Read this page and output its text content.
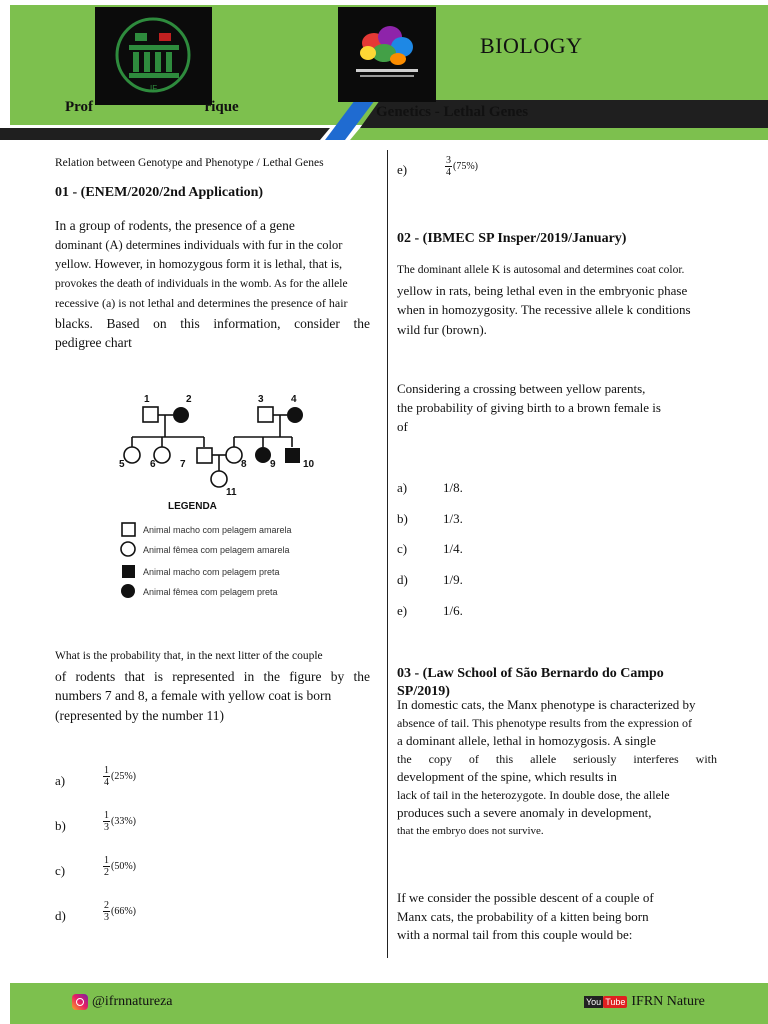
IF
BIOLOGY
Prof	rique	Genetics - Lethal Genes
Relation between Genotype and Phenotype / Lethal Genes
01 - (ENEM/2020/2nd Application)
In a group of rodents, the presence of a gene
dominant (A) determines individuals with fur in the color
yellow. However, in homozygous form it is lethal, that is,
provokes the death of individuals in the womb. As for the allele
recessive (a) is not lethal and determines the presence of hair
blacks. Based on this information, consider the
pedigree chart
1	2	3	4
5	6 7	8 9	10
11
LEGENDA
Animal macho com pelagem amarela
Animal fêmea com pelagem amarela
Animal macho com pelagem preta
Animal fêmea com pelagem preta
What is the probability that, in the next litter of the couple
of rodents that is represented in the figure by the
numbers 7 and 8, a female with yellow coat is born
(represented by the number 11)
a)	$\frac{1}{4} (25\%)$
b)	$\frac{1}{3} (33\%)$
c)	$\frac{1}{2} (50\%)$
d)	$\frac{2}{3} (66\%)$
e)	$\frac{3}{4} (75\%)$
02 - (IBMEC SP Insper/2019/January)
The dominant allele K is autosomal and determines coat color.
yellow in rats, being lethal even in the embryonic phase
when in homozygosity. The recessive allele k conditions
wild fur (brown).
Considering a crossing between yellow parents,
the probability of giving birth to a brown female is
of
a)	1/8.
b)	1/3.
c)	1/4.
d)	1/9.
e)	1/6.
03 - (Law School of São Bernardo do Campo SP/2019)
In domestic cats, the Manx phenotype is characterized by
absence of tail. This phenotype results from the expression of
a dominant allele, lethal in homozygosis. A single
the copy of this allele seriously interferes with
development of the spine, which results in
lack of tail in the heterozygote. In double dose, the allele
produces such a severe anomaly in development,
that the embryo does not survive.
If we consider the possible descent of a couple of
Manx cats, the probability of a kitten being born
with a normal tail from this couple would be:
@ifrnnatureza	You Tube IFRN Nature
